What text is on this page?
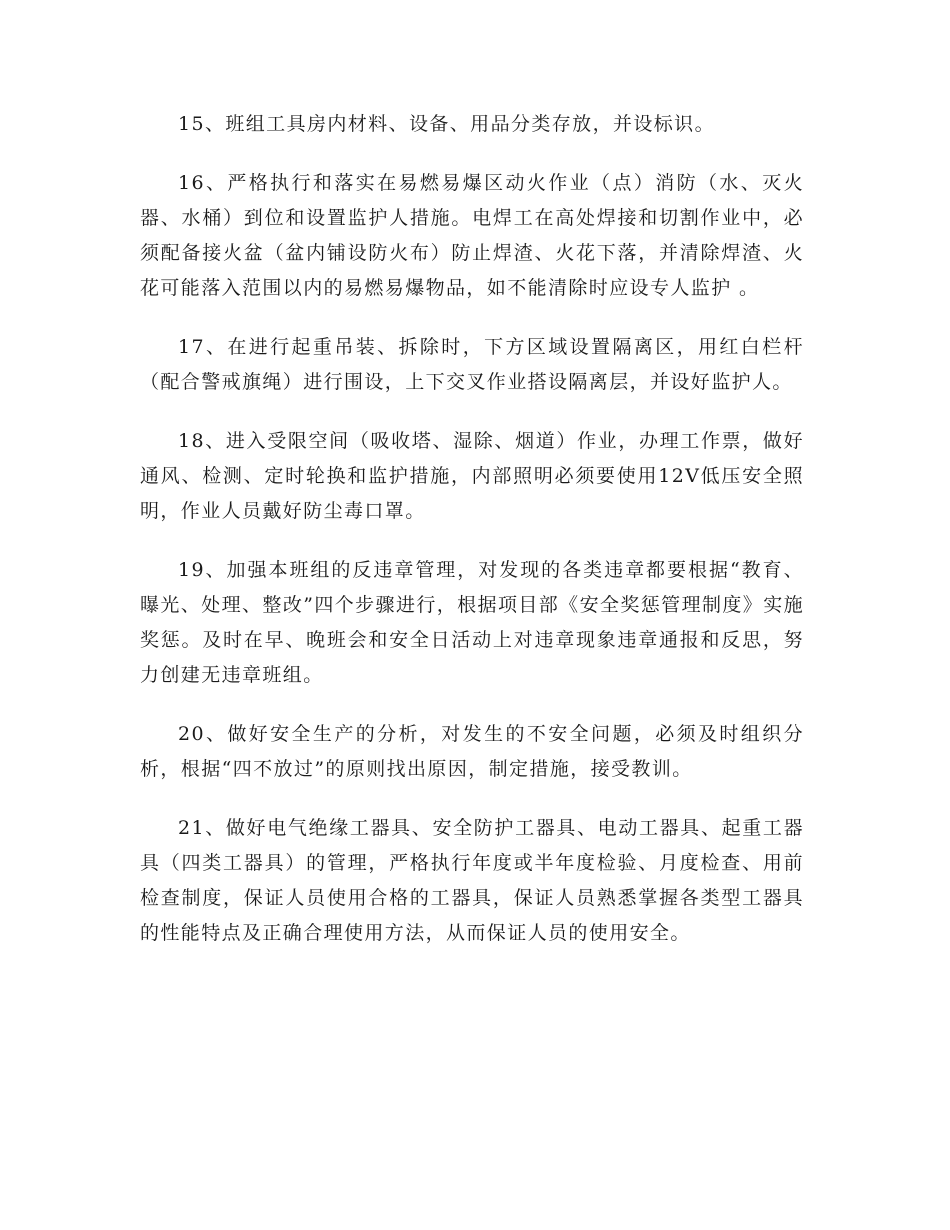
15、班组工具房内材料、设备、用品分类存放，并设标识。

16、严格执行和落实在易燃易爆区动火作业（点）消防（水、灭火器、水桶）到位和设置监护人措施。电焊工在高处焊接和切割作业中，必须配备接火盆（盆内铺设防火布）防止焊渣、火花下落，并清除焊渣、火花可能落入范围以内的易燃易爆物品，如不能清除时应设专人监护 。

17、在进行起重吊装、拆除时，下方区域设置隔离区，用红白栏杆（配合警戒旗绳）进行围设，上下交叉作业搭设隔离层，并设好监护人。

18、进入受限空间（吸收塔、湿除、烟道）作业，办理工作票，做好通风、检测、定时轮换和监护措施，内部照明必须要使用12V低压安全照明，作业人员戴好防尘毒口罩。

19、加强本班组的反违章管理，对发现的各类违章都要根据“教育、曝光、处理、整改”四个步骤进行，根据项目部《安全奖惩管理制度》实施奖惩。及时在早、晚班会和安全日活动上对违章现象违章通报和反思，努力创建无违章班组。

20、做好安全生产的分析，对发生的不安全问题，必须及时组织分析，根据“四不放过”的原则找出原因，制定措施，接受教训。

21、做好电气绝缘工器具、安全防护工器具、电动工器具、起重工器具（四类工器具）的管理，严格执行年度或半年度检验、月度检查、用前检查制度，保证人员使用合格的工器具，保证人员熟悉掌握各类型工器具的性能特点及正确合理使用方法，从而保证人员的使用安全。
